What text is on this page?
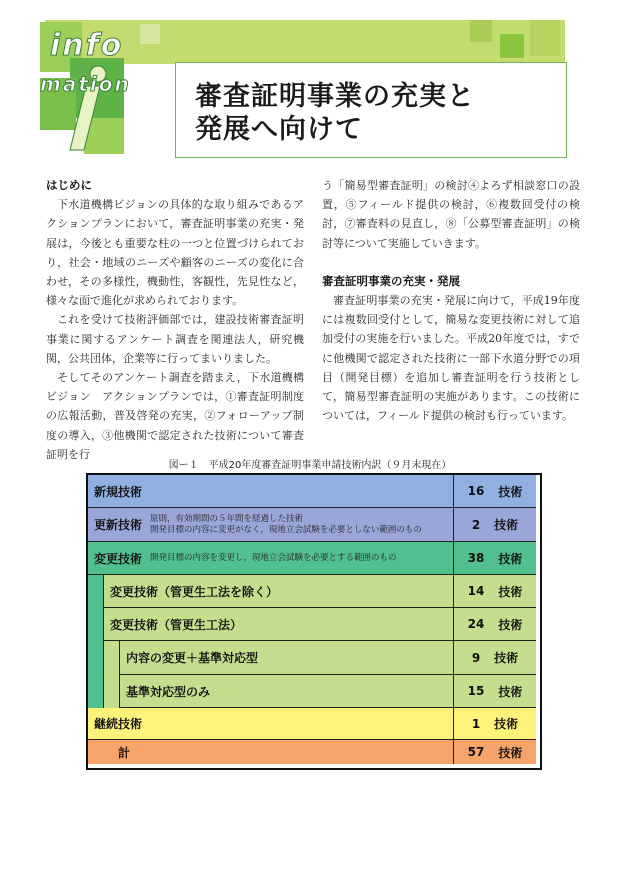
info
mation 審査証明事業の充実と
発展へ向けて
はじめに

下水道機構ビジョンの具体的な取り組みであるアクションプランにおいて，審査証明事業の充実・発展は，今後とも重要な柱の一つと位置づけられており，社会・地域のニーズや顧客のニーズの変化に合わせ，その多様性，機動性，客観性，先見性など，様々な面で進化が求められております。

これを受けて技術評価部では，建設技術審査証明事業に関するアンケート調査を関連法人，研究機関，公共団体，企業等に行ってまいりました。

そしてそのアンケート調査を踏まえ，下水道機構ビジョン　アクションプランでは，①審査証明制度の広報活動，普及啓発の充実，②フォローアップ制度の導入，③他機関で認定された技術について審査証明を行

う「簡易型審査証明」の検討④よろず相談窓口の設置，⑤フィールド提供の検討，⑥複数回受付の検討，⑦審査料の見直し，⑧「公募型審査証明」の検討等について実施していきます。

審査証明事業の充実・発展

審査証明事業の充実・発展に向けて，平成19年度には複数回受付として，簡易な変更技術に対して追加受付の実施を行いました。平成20年度では，すでに他機関で認定された技術に一部下水道分野での項目（開発目標）を追加し審査証明を行う技術として，簡易型審査証明の実施があります。この技術については，フィールド提供の検討も行っています。

図ー１　平成20年度審査証明事業申請技術内訳（９月末現在）
新規技術	16 技術
更新技術 原則，有効期間の５年間を経過した技術
開発目標の内容に変更がなく，現地立会試験を必要としない範囲のもの	2 技術
変更技術 開発目標の内容を変更し，現地立会試験を必要とする範囲のもの	38 技術
変更技術（管更生工法を除く）	14 技術
変更技術（管更生工法）	24 技術
内容の変更＋基準対応型	9 技術
基準対応型のみ	15 技術
継続技術	1 技術
計	57 技術
